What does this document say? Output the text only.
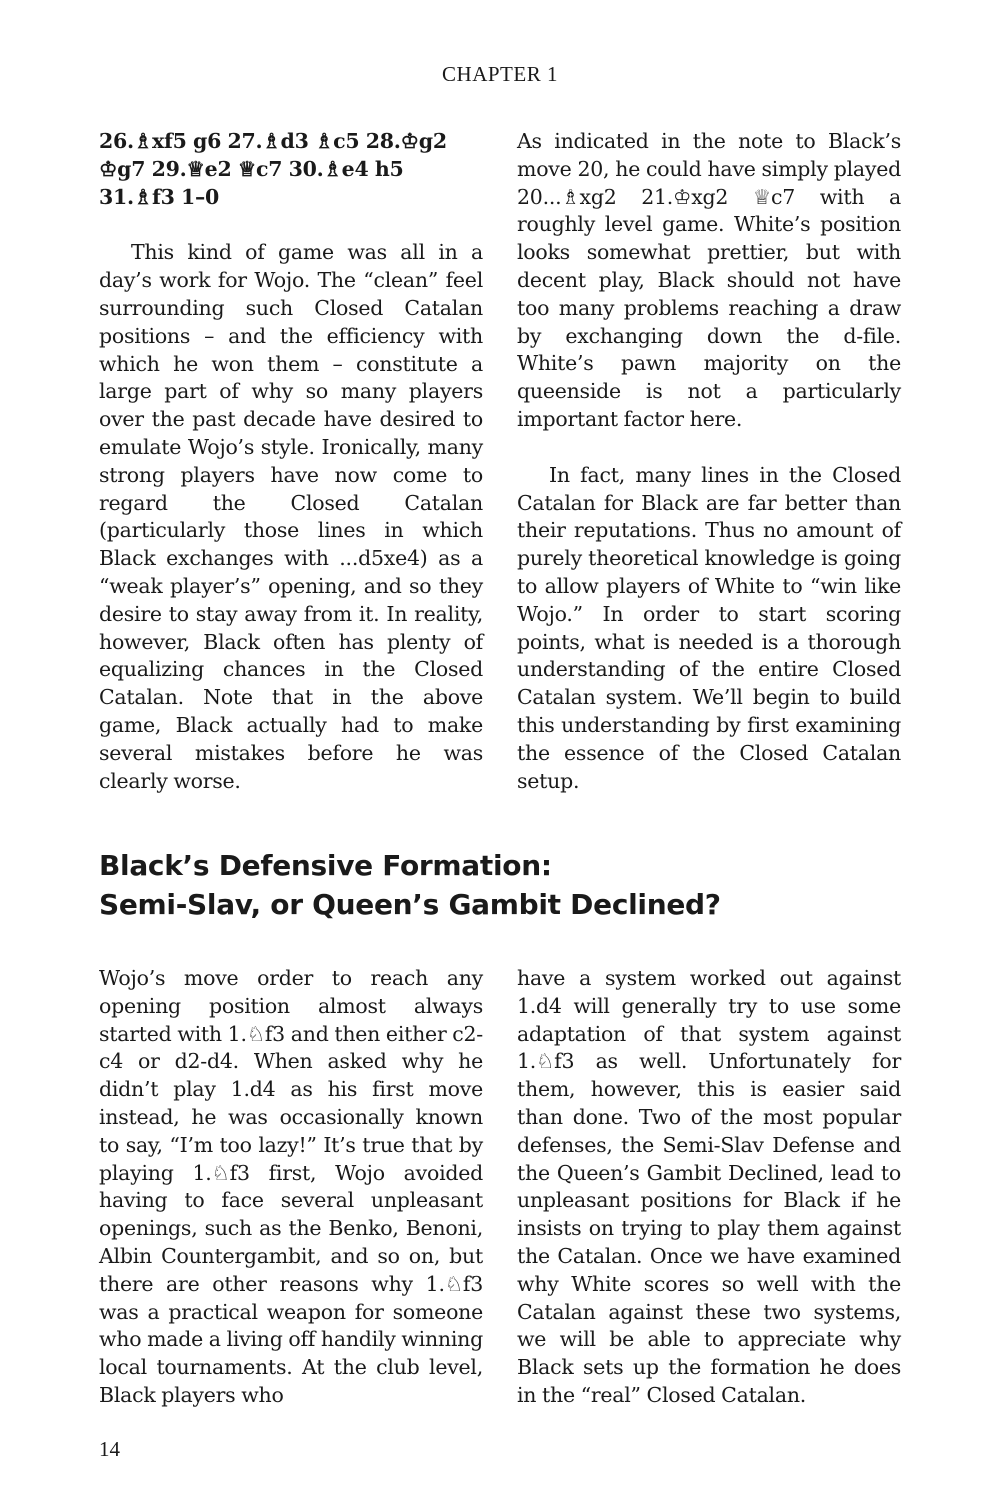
CHAPTER 1

26.♗xf5 g6 27.♗d3 ♗c5 28.♔g2 ♔g7 29.♕e2 ♕c7 30.♗e4 h5 31.♗f3 1–0

This kind of game was all in a day’s work for Wojo. The “clean” feel surrounding such Closed Catalan positions – and the efficiency with which he won them – constitute a large part of why so many players over the past decade have desired to emulate Wojo’s style. Ironically, many strong players have now come to regard the Closed Catalan (particularly those lines in which Black exchanges with ...d5xe4) as a “weak player’s” opening, and so they desire to stay away from it. In reality, however, Black often has plenty of equalizing chances in the Closed Catalan. Note that in the above game, Black actually had to make several mistakes before he was clearly worse.

As indicated in the note to Black’s move 20, he could have simply played 20...♗xg2 21.♔xg2 ♕c7 with a roughly level game. White’s position looks somewhat prettier, but with decent play, Black should not have too many problems reaching a draw by exchanging down the d-file. White’s pawn majority on the queenside is not a particularly important factor here.

In fact, many lines in the Closed Catalan for Black are far better than their reputations. Thus no amount of purely theoretical knowledge is going to allow players of White to “win like Wojo.” In order to start scoring points, what is needed is a thorough understanding of the entire Closed Catalan system. We’ll begin to build this understanding by first examining the essence of the Closed Catalan setup.

Black’s Defensive Formation:
Semi-Slav, or Queen’s Gambit Declined?

Wojo’s move order to reach any opening position almost always started with 1.♘f3 and then either c2-c4 or d2-d4. When asked why he didn’t play 1.d4 as his first move instead, he was occasionally known to say, “I’m too lazy!” It’s true that by playing 1.♘f3 first, Wojo avoided having to face several unpleasant openings, such as the Benko, Benoni, Albin Countergambit, and so on, but there are other reasons why 1.♘f3 was a practical weapon for someone who made a living off handily winning local tournaments. At the club level, Black players who

have a system worked out against 1.d4 will generally try to use some adaptation of that system against 1.♘f3 as well. Unfortunately for them, however, this is easier said than done. Two of the most popular defenses, the Semi-Slav Defense and the Queen’s Gambit Declined, lead to unpleasant positions for Black if he insists on trying to play them against the Catalan. Once we have examined why White scores so well with the Catalan against these two systems, we will be able to appreciate why Black sets up the formation he does in the “real” Closed Catalan.

14
